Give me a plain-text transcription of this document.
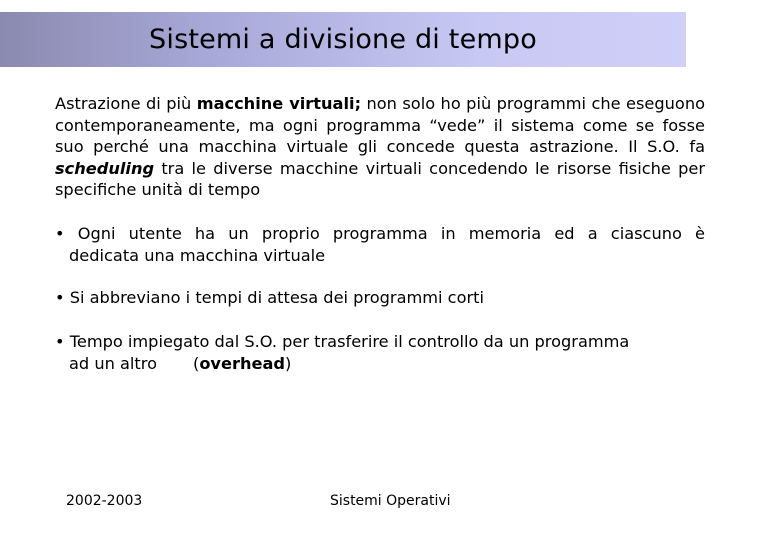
Sistemi a divisione di tempo
Astrazione di più macchine virtuali; non solo ho più programmi che eseguono contemporaneamente, ma ogni programma “vede” il sistema come se fosse suo perché una macchina virtuale gli concede questa astrazione. Il S.O. fa scheduling tra le diverse macchine virtuali concedendo le risorse fisiche per specifiche unità di tempo
• Ogni utente ha un proprio programma in memoria ed a ciascuno è
dedicata una macchina virtuale
• Si abbreviano i tempi di attesa dei programmi corti
• Tempo impiegato dal S.O. per trasferire il controllo da un programma
ad un altro (overhead)
2002-2003	Sistemi Operativi
